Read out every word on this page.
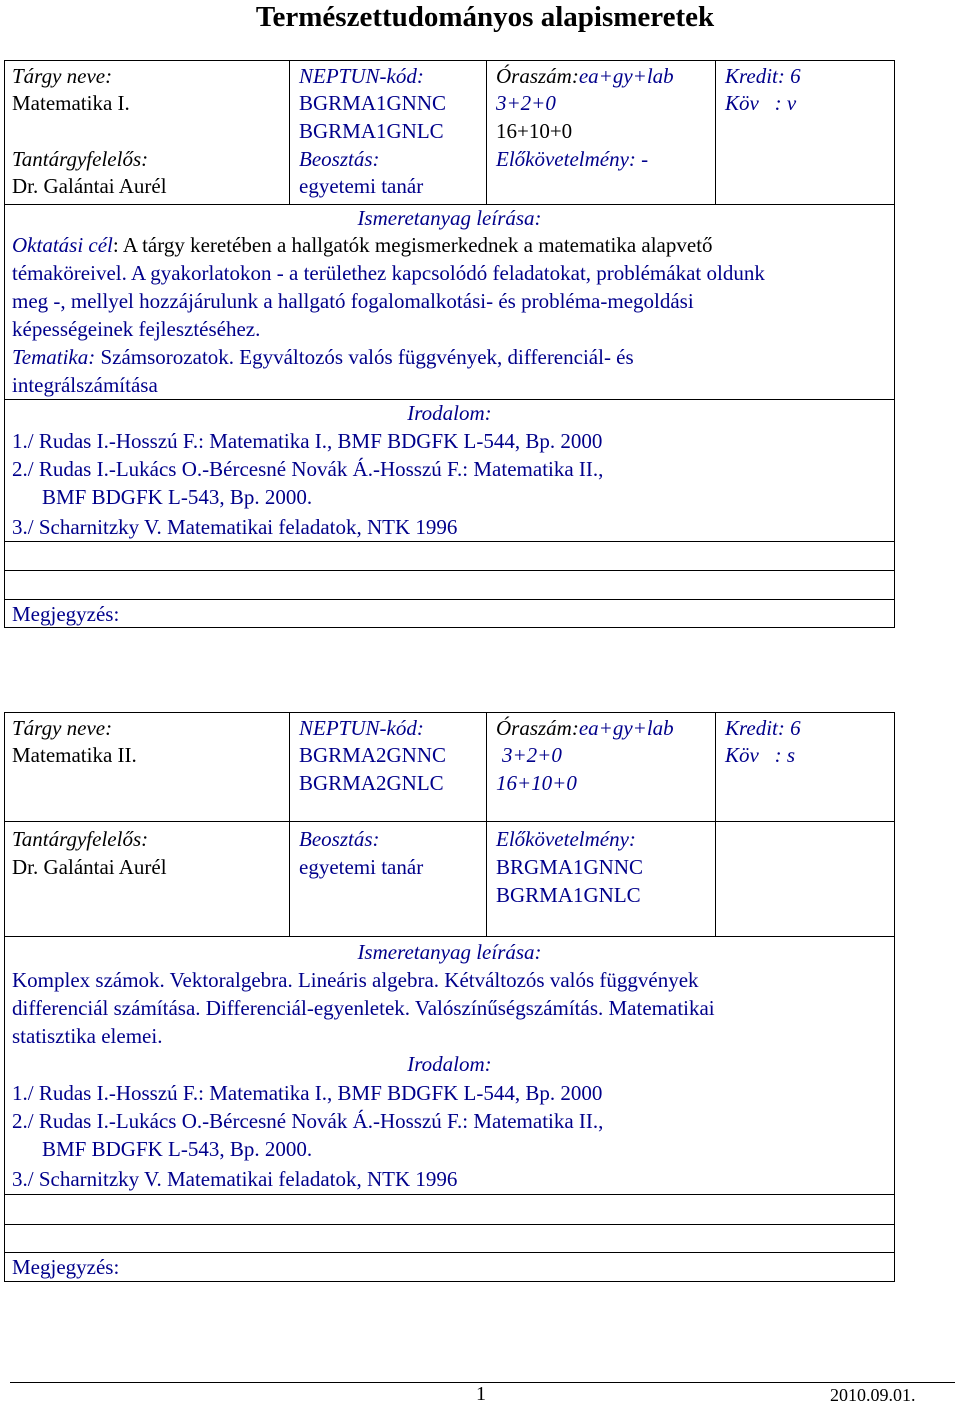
Természettudományos alapismeretek
Tárgy neve:
Matematika I.
Tantárgyfelelős:
Dr. Galántai Aurél
NEPTUN-kód:
BGRMA1GNNC
BGRMA1GNLC
Beosztás:
egyetemi tanár
Óraszám:ea+gy+lab
3+2+0
16+10+0
Előkövetelmény: -
Kredit: 6
Köv : v
Ismeretanyag leírása:
Oktatási cél: A tárgy keretében a hallgatók megismerkednek a matematika alapvető
témaköreivel. A gyakorlatokon - a területhez kapcsolódó feladatokat, problémákat oldunk
meg -, mellyel hozzájárulunk a hallgató fogalomalkotási- és probléma-megoldási
képességeinek fejlesztéséhez.
Tematika: Számsorozatok. Egyváltozós valós függvények, differenciál- és
integrálszámítása
Irodalom:
1./ Rudas I.-Hosszú F.: Matematika I., BMF BDGFK L-544, Bp. 2000
2./ Rudas I.-Lukács O.-Bércesné Novák Á.-Hosszú F.: Matematika II.,
BMF BDGFK L-543, Bp. 2000.
3./ Scharnitzky V. Matematikai feladatok, NTK 1996
Megjegyzés:
Tárgy neve:
Matematika II.
Tantárgyfelelős:
Dr. Galántai Aurél
NEPTUN-kód:
BGRMA2GNNC
BGRMA2GNLC
Beosztás:
egyetemi tanár
Óraszám:ea+gy+lab
3+2+0
16+10+0
Előkövetelmény:
BRGMA1GNNC
BGRMA1GNLC
Kredit: 6
Köv : s
Ismeretanyag leírása:
Komplex számok. Vektoralgebra. Lineáris algebra. Kétváltozós valós függvények
differenciál számítása. Differenciál-egyenletek. Valószínűségszámítás. Matematikai
statisztika elemei.
Irodalom:
1./ Rudas I.-Hosszú F.: Matematika I., BMF BDGFK L-544, Bp. 2000
2./ Rudas I.-Lukács O.-Bércesné Novák Á.-Hosszú F.: Matematika II.,
BMF BDGFK L-543, Bp. 2000.
3./ Scharnitzky V. Matematikai feladatok, NTK 1996
Megjegyzés:
1	2010.09.01.
